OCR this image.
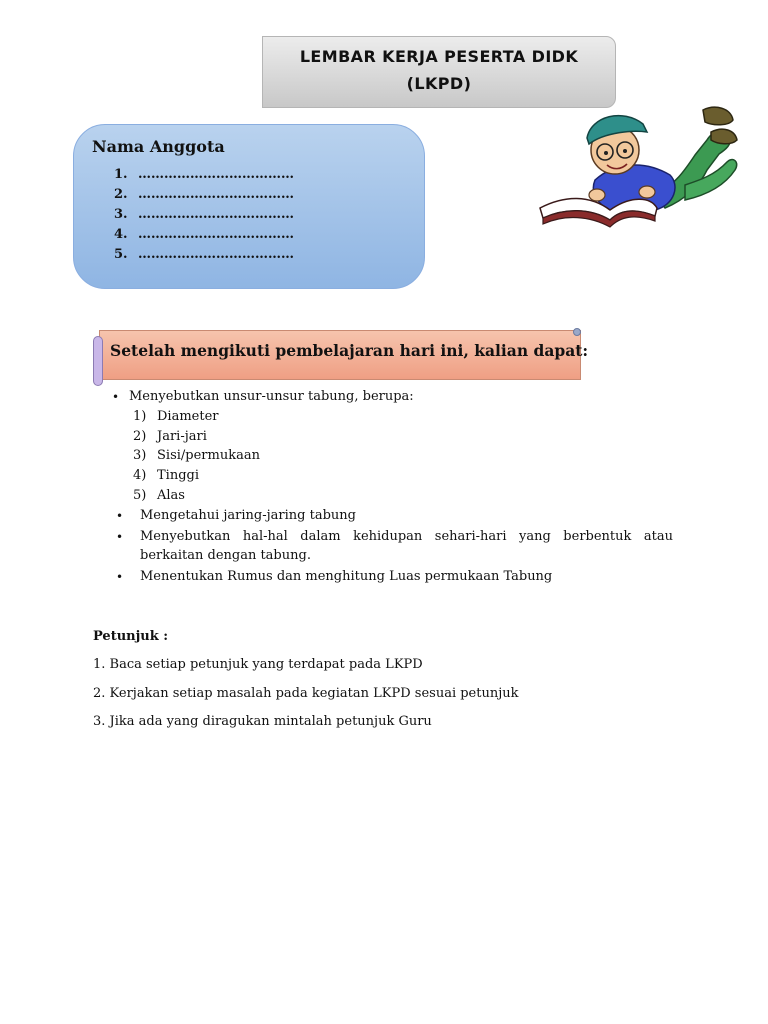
LEMBAR KERJA PESERTA DIDK
(LKPD)
Nama Anggota
1. ………………………………
2. ………………………………
3. ………………………………
4. ………………………………
5. ………………………………
Setelah mengikuti pembelajaran hari ini, kalian dapat:
• Menyebutkan unsur-unsur tabung, berupa:
1) Diameter
2) Jari-jari
3) Sisi/permukaan
4) Tinggi
5) Alas
• Mengetahui jaring-jaring tabung
• Menyebutkan hal-hal dalam kehidupan sehari-hari yang berbentuk atau
berkaitan dengan tabung.
• Menentukan Rumus dan menghitung Luas permukaan Tabung
Petunjuk :
1. Baca setiap petunjuk yang terdapat pada LKPD
2. Kerjakan setiap masalah pada kegiatan LKPD sesuai petunjuk
3. Jika ada yang diragukan mintalah petunjuk Guru
